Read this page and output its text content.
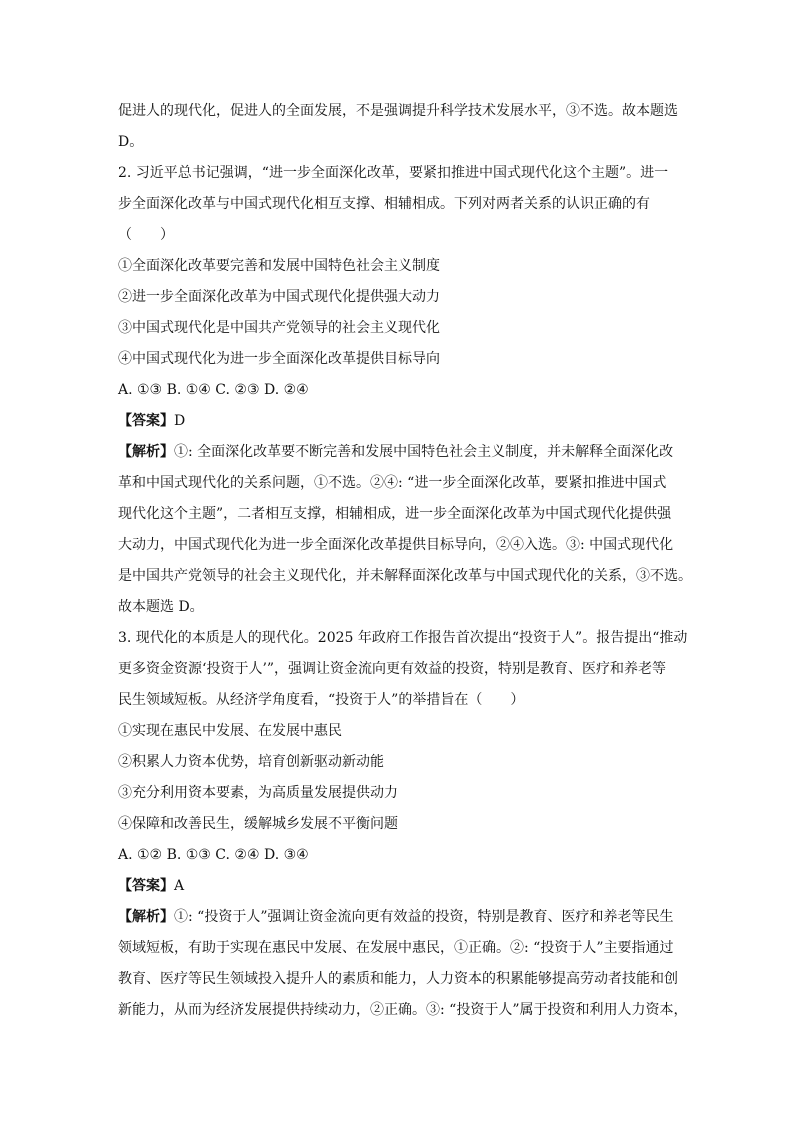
促进人的现代化，促进人的全面发展，不是强调提升科学技术发展水平，③不选。故本题选
D。
2. 习近平总书记强调，“进一步全面深化改革，要紧扣推进中国式现代化这个主题”。进一
步全面深化改革与中国式现代化相互支撑、相辅相成。下列对两者关系的认识正确的有
（　　）
①全面深化改革要完善和发展中国特色社会主义制度
②进一步全面深化改革为中国式现代化提供强大动力
③中国式现代化是中国共产党领导的社会主义现代化
④中国式现代化为进一步全面深化改革提供目标导向
A. ①③ B. ①④ C. ②③ D. ②④
【答案】D
【解析】①: 全面深化改革要不断完善和发展中国特色社会主义制度，并未解释全面深化改
革和中国式现代化的关系问题，①不选。②④: “进一步全面深化改革，要紧扣推进中国式
现代化这个主题”，二者相互支撑，相辅相成，进一步全面深化改革为中国式现代化提供强
大动力，中国式现代化为进一步全面深化改革提供目标导向，②④入选。③: 中国式现代化
是中国共产党领导的社会主义现代化，并未解释面深化改革与中国式现代化的关系，③不选。
故本题选 D。
3. 现代化的本质是人的现代化。2025 年政府工作报告首次提出“投资于人”。报告提出“推动
更多资金资源‘投资于人’”，强调让资金流向更有效益的投资，特别是教育、医疗和养老等
民生领域短板。从经济学角度看，“投资于人”的举措旨在（　　）
①实现在惠民中发展、在发展中惠民
②积累人力资本优势，培育创新驱动新动能
③充分利用资本要素，为高质量发展提供动力
④保障和改善民生，缓解城乡发展不平衡问题
A. ①② B. ①③ C. ②④ D. ③④
【答案】A
【解析】①: “投资于人”强调让资金流向更有效益的投资，特别是教育、医疗和养老等民生
领域短板，有助于实现在惠民中发展、在发展中惠民，①正确。②: “投资于人”主要指通过
教育、医疗等民生领域投入提升人的素质和能力，人力资本的积累能够提高劳动者技能和创
新能力，从而为经济发展提供持续动力，②正确。③: “投资于人”属于投资和利用人力资本，
